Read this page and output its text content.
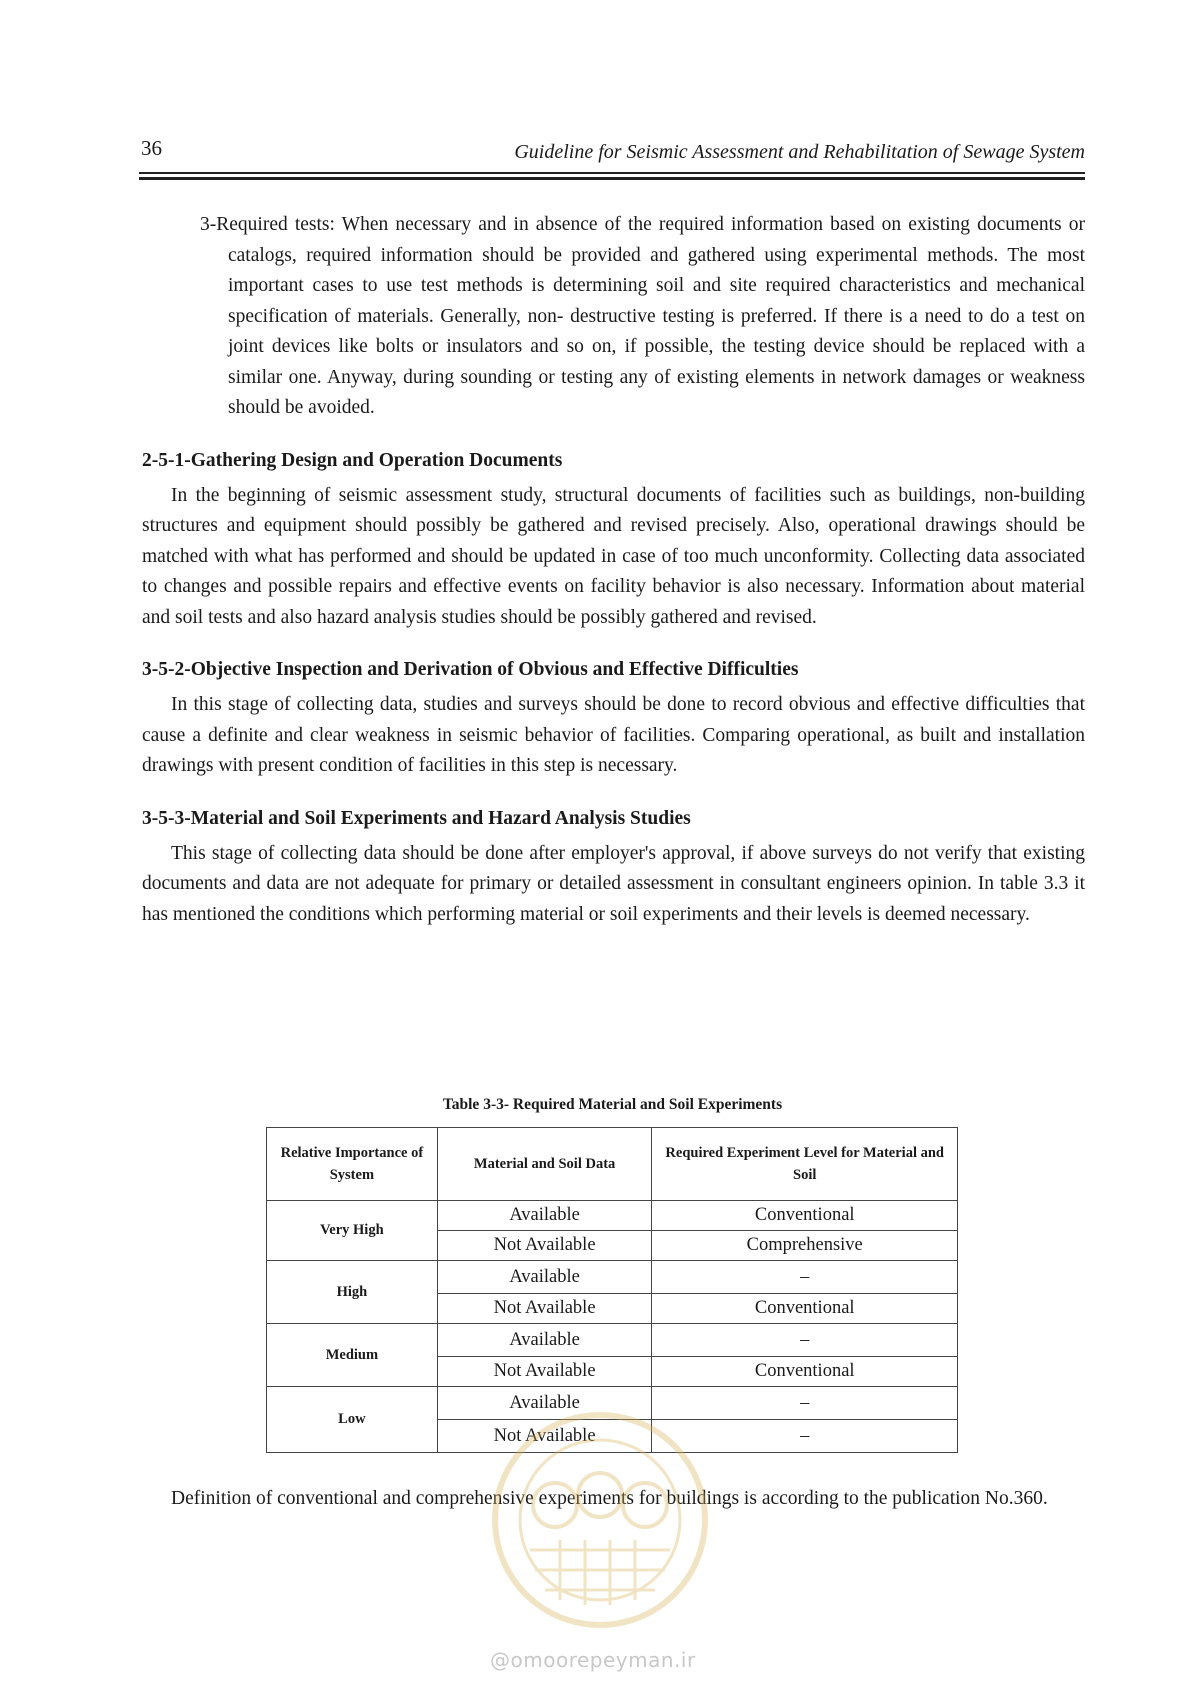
36	Guideline for Seismic Assessment and Rehabilitation of Sewage System

3-Required tests: When necessary and in absence of the required information based on existing documents or catalogs, required information should be provided and gathered using experimental methods. The most important cases to use test methods is determining soil and site required characteristics and mechanical specification of materials. Generally, non- destructive testing is preferred. If there is a need to do a test on joint devices like bolts or insulators and so on, if possible, the testing device should be replaced with a similar one. Anyway, during sounding or testing any of existing elements in network damages or weakness should be avoided.

2-5-1-Gathering Design and Operation Documents

In the beginning of seismic assessment study, structural documents of facilities such as buildings, non-building structures and equipment should possibly be gathered and revised precisely. Also, operational drawings should be matched with what has performed and should be updated in case of too much unconformity. Collecting data associated to changes and possible repairs and effective events on facility behavior is also necessary. Information about material and soil tests and also hazard analysis studies should be possibly gathered and revised.

3-5-2-Objective Inspection and Derivation of Obvious and Effective Difficulties

In this stage of collecting data, studies and surveys should be done to record obvious and effective difficulties that cause a definite and clear weakness in seismic behavior of facilities. Comparing operational, as built and installation drawings with present condition of facilities in this step is necessary.

3-5-3-Material and Soil Experiments and Hazard Analysis Studies

This stage of collecting data should be done after employer's approval, if above surveys do not verify that existing documents and data are not adequate for primary or detailed assessment in consultant engineers opinion. In table 3.3 it has mentioned the conditions which performing material or soil experiments and their levels is deemed necessary.

Table 3-3- Required Material and Soil Experiments
Relative Importance of System	Material and Soil Data	Required Experiment Level for Material and Soil
Very High	Available	Conventional
	Not Available	Comprehensive
High	Available	–
	Not Available	Conventional
Medium	Available	–
	Not Available	Conventional
Low	Available	–
	Not Available	–

Definition of conventional and comprehensive experiments for buildings is according to the publication No.360.

@omoorepeyman.ir
